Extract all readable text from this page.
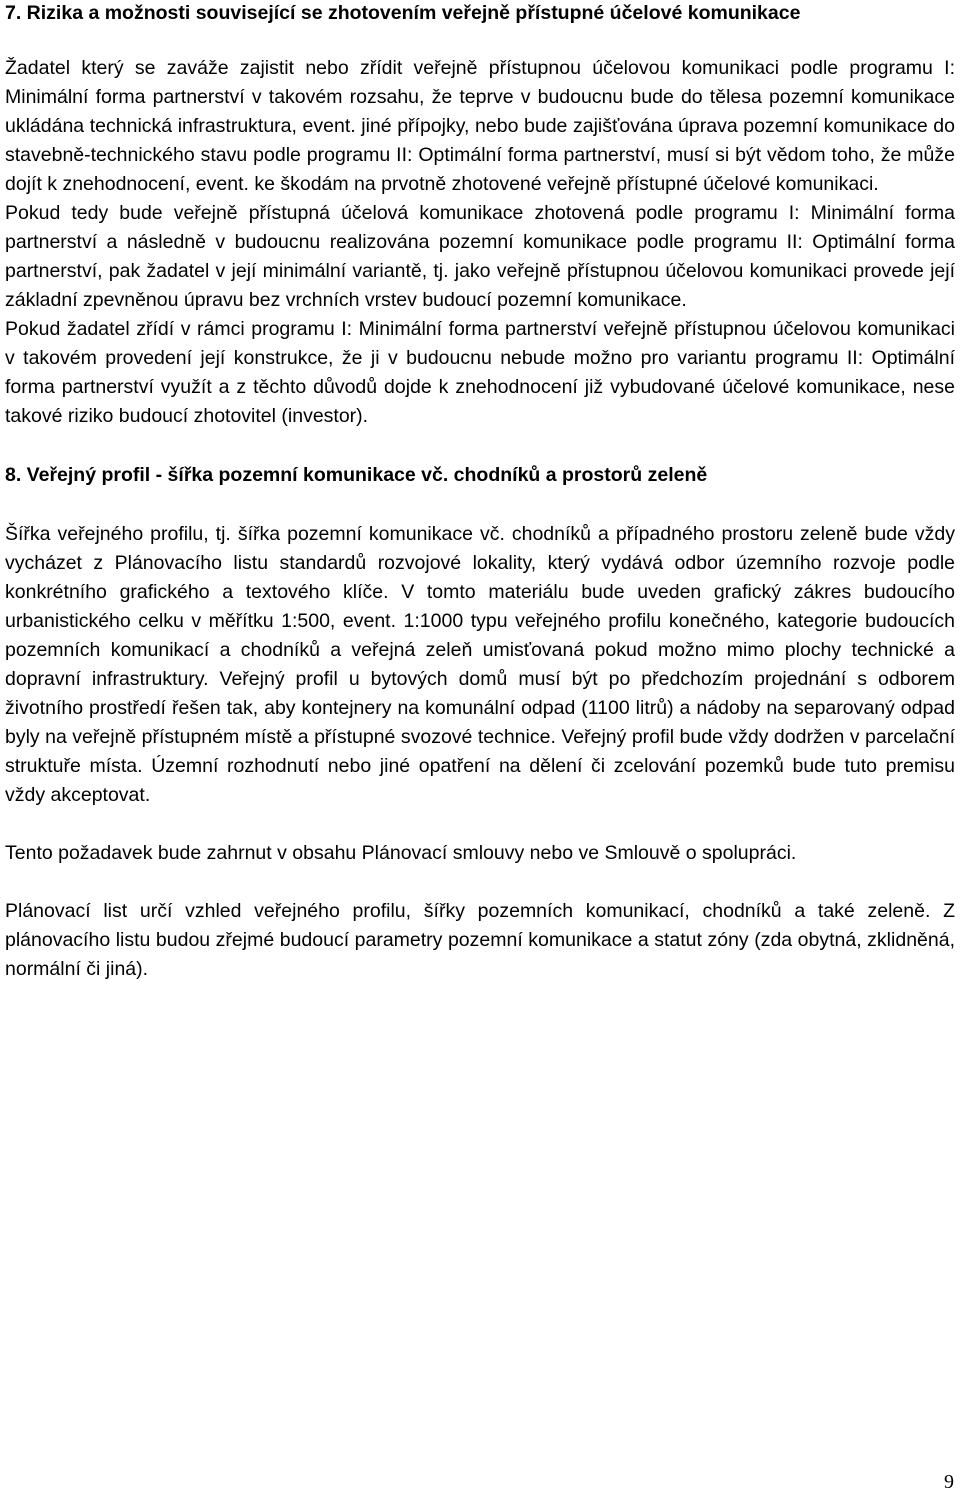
7. Rizika a možnosti související se zhotovením veřejně přístupné účelové komunikace

Žadatel který se zaváže zajistit nebo zřídit veřejně přístupnou účelovou komunikaci podle programu I: Minimální forma partnerství v takovém rozsahu, že teprve v budoucnu bude do tělesa pozemní komunikace ukládána technická infrastruktura, event. jiné přípojky, nebo bude zajišťována úprava pozemní komunikace do stavebně-technického stavu podle programu II: Optimální forma partnerství, musí si být vědom toho, že může dojít k znehodnocení, event. ke škodám na prvotně zhotovené veřejně přístupné účelové komunikaci.

Pokud tedy bude veřejně přístupná účelová komunikace zhotovená podle programu I: Minimální forma partnerství a následně v budoucnu realizována pozemní komunikace podle programu II: Optimální forma partnerství, pak žadatel v její minimální variantě, tj. jako veřejně přístupnou účelovou komunikaci provede její základní zpevněnou úpravu bez vrchních vrstev budoucí pozemní komunikace.

Pokud žadatel zřídí v rámci programu I: Minimální forma partnerství veřejně přístupnou účelovou komunikaci v takovém provedení její konstrukce, že ji v budoucnu nebude možno pro variantu programu II: Optimální forma partnerství využít a z těchto důvodů dojde k znehodnocení již vybudované účelové komunikace, nese takové riziko budoucí zhotovitel (investor).

8. Veřejný profil - šířka pozemní komunikace vč. chodníků a prostorů zeleně

Šířka veřejného profilu, tj. šířka pozemní komunikace vč. chodníků a případného prostoru zeleně bude vždy vycházet z Plánovacího listu standardů rozvojové lokality, který vydává odbor územního rozvoje podle konkrétního grafického a textového klíče. V tomto materiálu bude uveden grafický zákres budoucího urbanistického celku v měřítku 1:500, event. 1:1000 typu veřejného profilu konečného, kategorie budoucích pozemních komunikací a chodníků a veřejná zeleň umisťovaná pokud možno mimo plochy technické a dopravní infrastruktury. Veřejný profil u bytových domů musí být po předchozím projednání s odborem životního prostředí řešen tak, aby kontejnery na komunální odpad (1100 litrů) a nádoby na separovaný odpad byly na veřejně přístupném místě a přístupné svozové technice. Veřejný profil bude vždy dodržen v parcelační struktuře místa. Územní rozhodnutí nebo jiné opatření na dělení či zcelování pozemků bude tuto premisu vždy akceptovat.

Tento požadavek bude zahrnut v obsahu Plánovací smlouvy nebo ve Smlouvě o spolupráci.

Plánovací list určí vzhled veřejného profilu, šířky pozemních komunikací, chodníků a také zeleně. Z plánovacího listu budou zřejmé budoucí parametry pozemní komunikace a statut zóny (zda obytná, zklidněná, normální či jiná).

9
